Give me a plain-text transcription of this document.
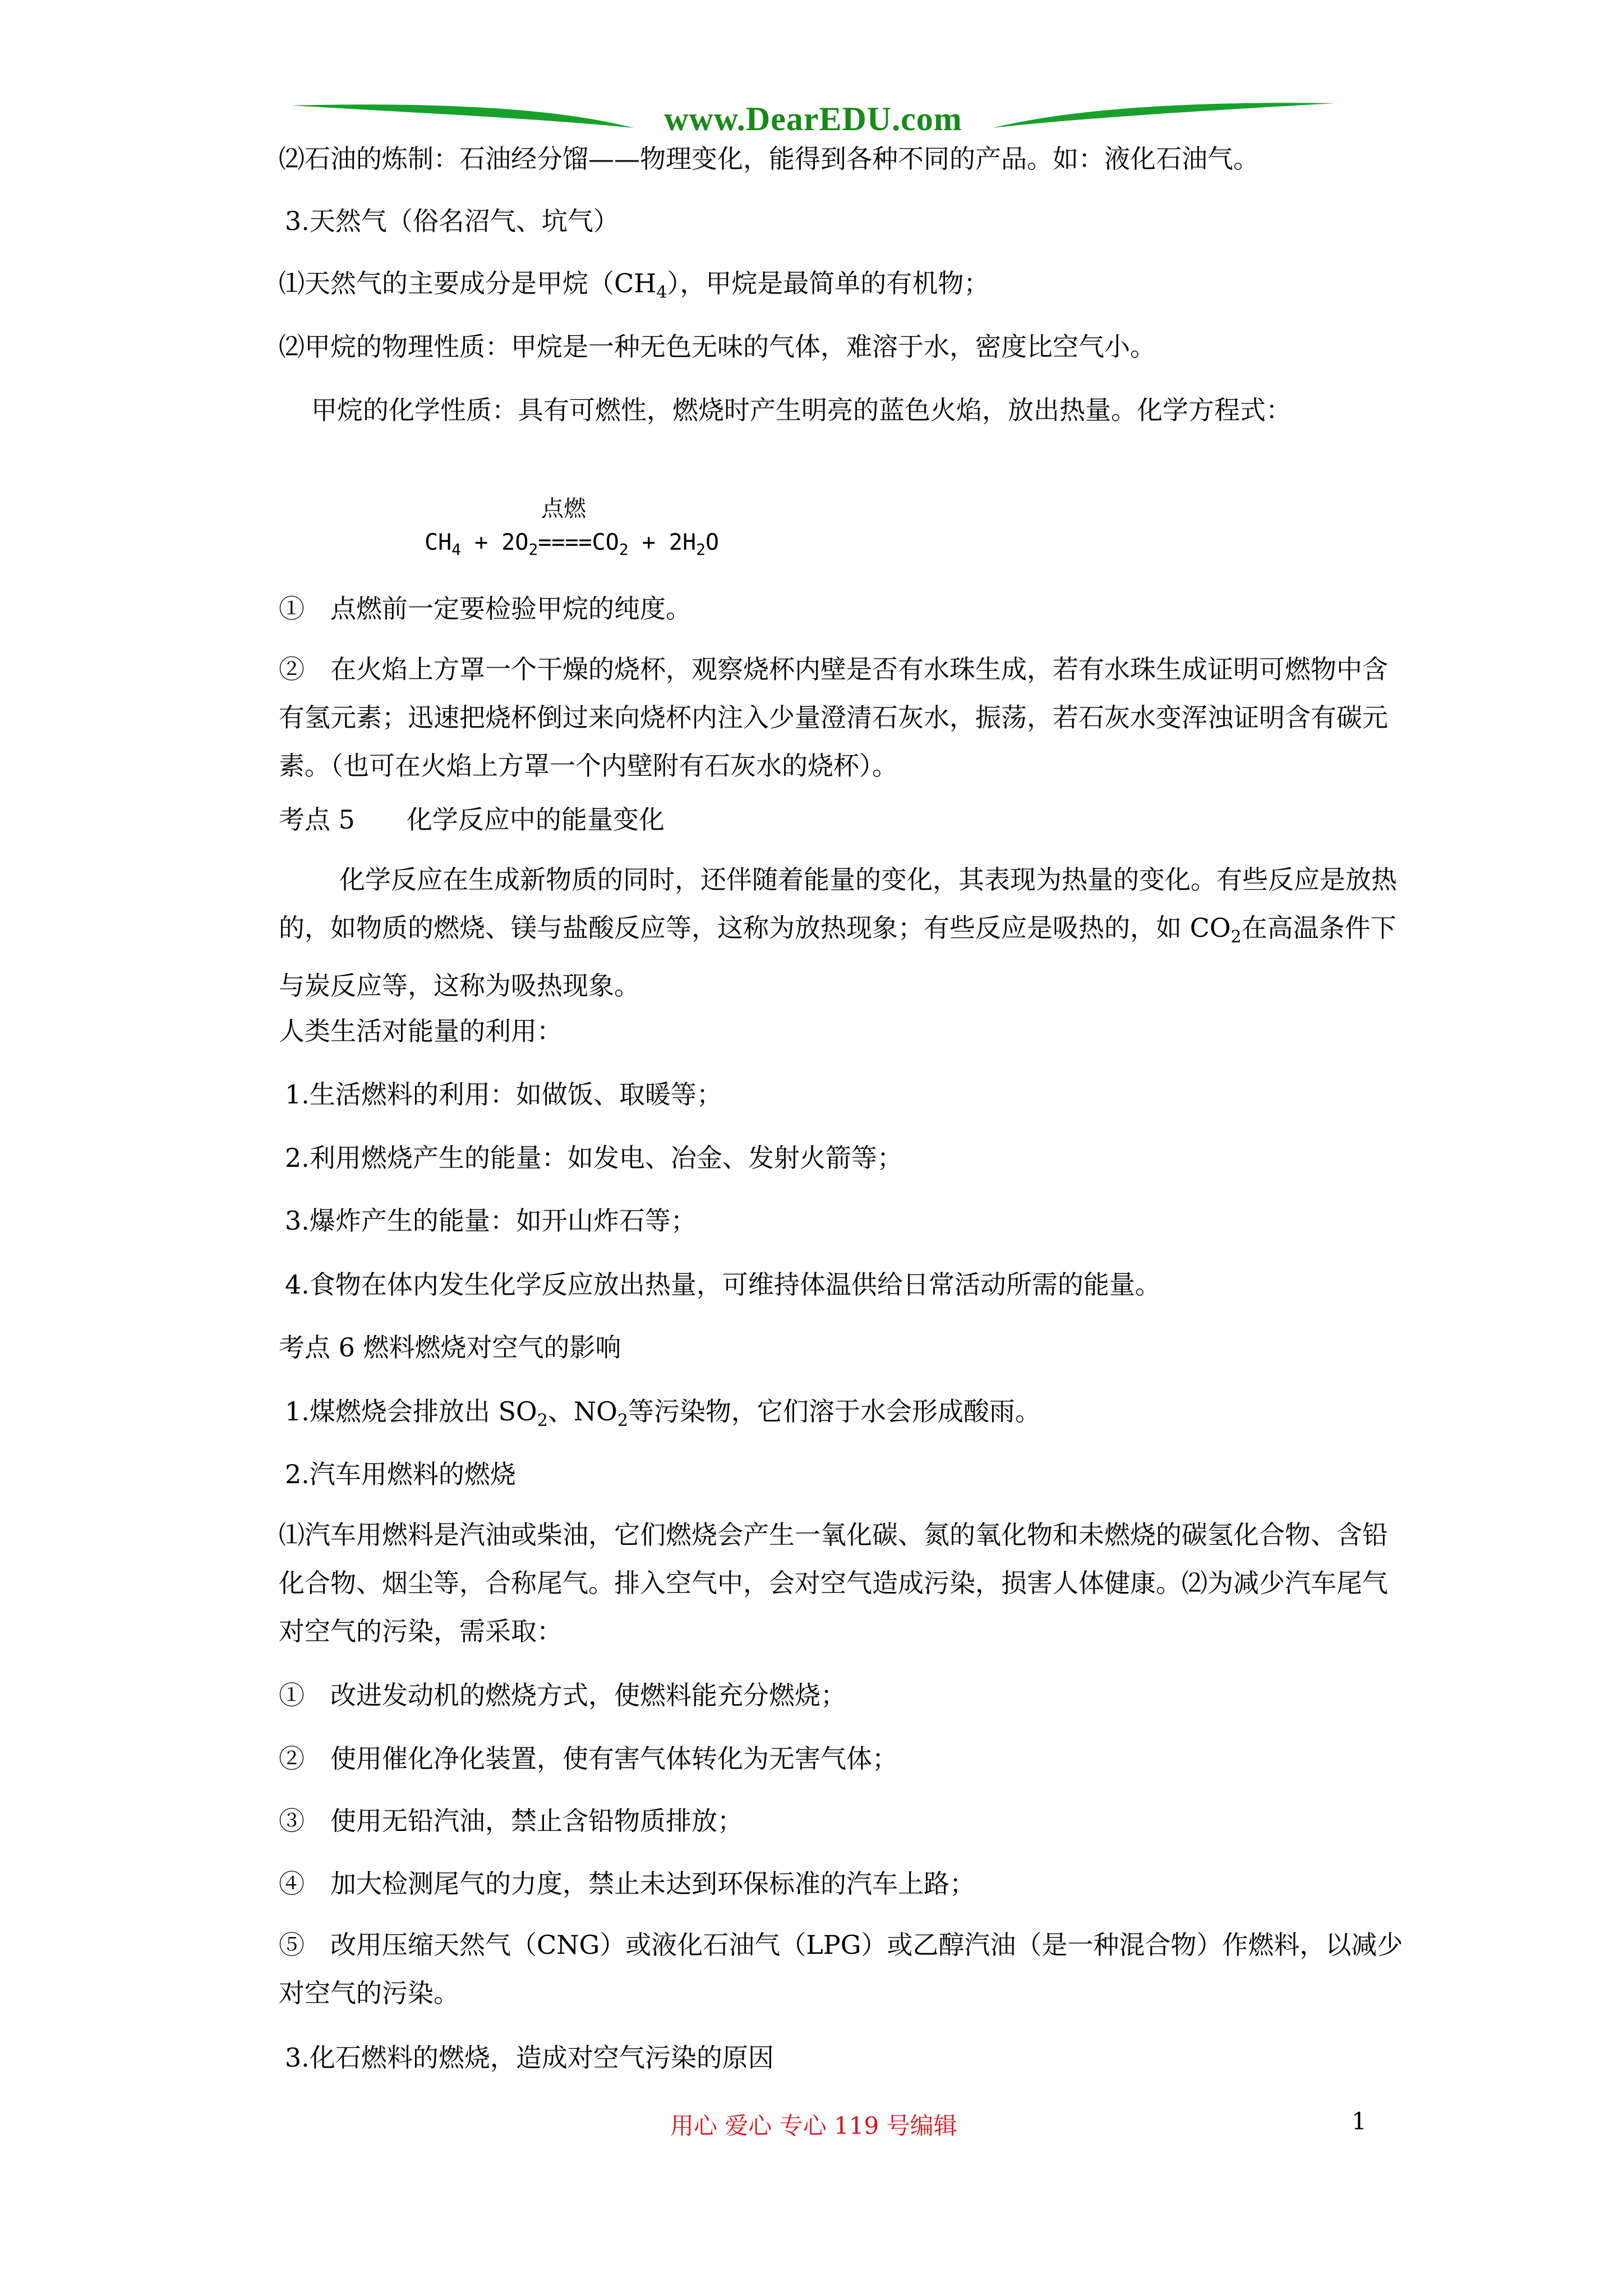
www.DearEDU.com
⑵石油的炼制：石油经分馏——物理变化，能得到各种不同的产品。如：液化石油气。
3.天然气（俗名沼气、坑气）
⑴天然气的主要成分是甲烷$(CH_4)$，甲烷是最简单的有机物；
⑵甲烷的物理性质：甲烷是一种无色无味的气体，难溶于水，密度比空气小。
甲烷的化学性质：具有可燃性，燃烧时产生明亮的蓝色火焰，放出热量。化学方程式：
点燃
$CH_4 + 2O_2====CO_2 + 2H_2O$
①　点燃前一定要检验甲烷的纯度。
②　在火焰上方罩一个干燥的烧杯，观察烧杯内壁是否有水珠生成，若有水珠生成证明可燃物中含有氢元素；迅速把烧杯倒过来向烧杯内注入少量澄清石灰水，振荡，若石灰水变浑浊证明含有碳元素。（也可在火焰上方罩一个内壁附有石灰水的烧杯）。
考点 5　　化学反应中的能量变化
化学反应在生成新物质的同时，还伴随着能量的变化，其表现为热量的变化。有些反应是放热的，如物质的燃烧、镁与盐酸反应等，这称为放热现象；有些反应是吸热的，如 $CO_2$在高温条件下与炭反应等，这称为吸热现象。
人类生活对能量的利用：
1.生活燃料的利用：如做饭、取暖等；
2.利用燃烧产生的能量：如发电、冶金、发射火箭等；
3.爆炸产生的能量：如开山炸石等；
4.食物在体内发生化学反应放出热量，可维持体温供给日常活动所需的能量。
考点 6 燃料燃烧对空气的影响
1.煤燃烧会排放出 $SO_2$、$NO_2$等污染物，它们溶于水会形成酸雨。
2.汽车用燃料的燃烧
⑴汽车用燃料是汽油或柴油，它们燃烧会产生一氧化碳、氮的氧化物和未燃烧的碳氢化合物、含铅化合物、烟尘等，合称尾气。排入空气中，会对空气造成污染，损害人体健康。⑵为减少汽车尾气对空气的污染，需采取：
①　改进发动机的燃烧方式，使燃料能充分燃烧；
②　使用催化净化装置，使有害气体转化为无害气体；
③　使用无铅汽油，禁止含铅物质排放；
④　加大检测尾气的力度，禁止未达到环保标准的汽车上路；
⑤　改用压缩天然气（CNG）或液化石油气（LPG）或乙醇汽油（是一种混合物）作燃料，以减少对空气的污染。
3.化石燃料的燃烧，造成对空气污染的原因
用心 爱心 专心 119 号编辑	1
